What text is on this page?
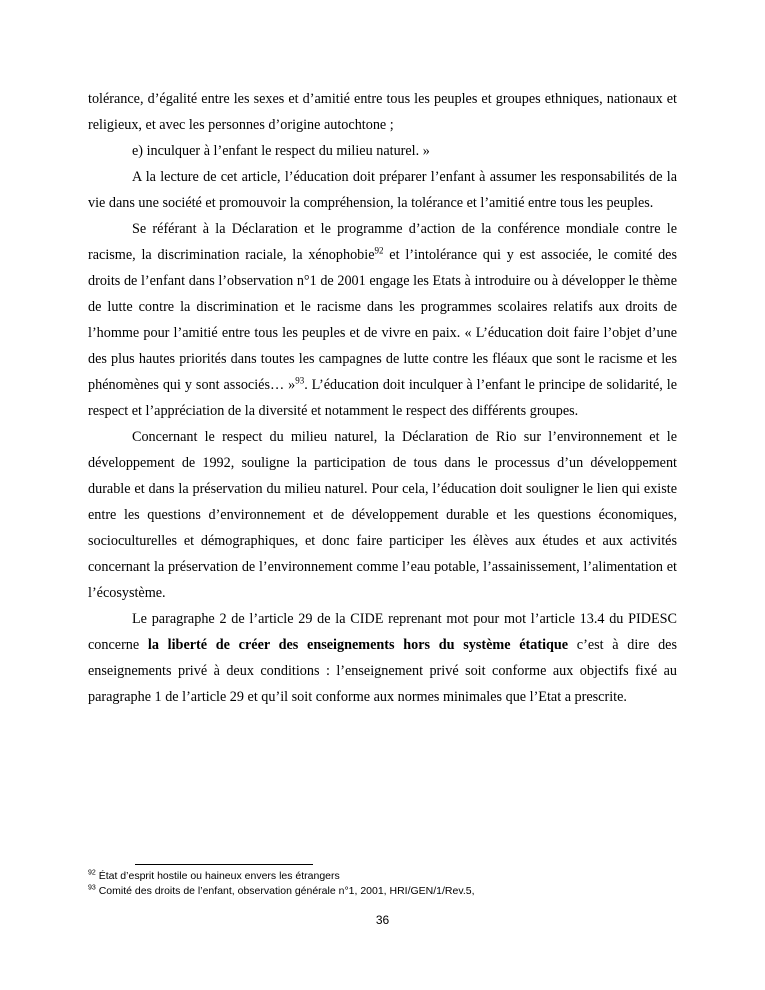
tolérance, d’égalité entre les sexes et d’amitié entre tous les peuples et groupes ethniques, nationaux et religieux, et avec les personnes d’origine autochtone ;

e) inculquer à l’enfant le respect du milieu naturel. »

A la lecture de cet article, l’éducation doit préparer l’enfant à assumer les responsabilités de la vie dans une société et promouvoir la compréhension, la tolérance et l’amitié entre tous les peuples.

Se référant à la Déclaration et le programme d’action de la conférence mondiale contre le racisme, la discrimination raciale, la xénophobie$^{92}$ et l’intolérance qui y est associée, le comité des droits de l’enfant dans l’observation n°1 de 2001 engage les Etats à introduire ou à développer le thème de lutte contre la discrimination et le racisme dans les programmes scolaires relatifs aux droits de l’homme pour l’amitié entre tous les peuples et de vivre en paix. « L’éducation doit faire l’objet d’une des plus hautes priorités dans toutes les campagnes de lutte contre les fléaux que sont le racisme et les phénomènes qui y sont associés… »$^{93}$. L’éducation doit inculquer à l’enfant le principe de solidarité, le respect et l’appréciation de la diversité et notamment le respect des différents groupes.

Concernant le respect du milieu naturel, la Déclaration de Rio sur l’environnement et le développement de 1992, souligne la participation de tous dans le processus d’un développement durable et dans la préservation du milieu naturel. Pour cela, l’éducation doit souligner le lien qui existe entre les questions d’environnement et de développement durable et les questions économiques, socioculturelles et démographiques, et donc faire participer les élèves aux études et aux activités concernant la préservation de l’environnement comme l’eau potable, l’assainissement, l’alimentation et l’écosystème.

Le paragraphe 2 de l’article 29 de la CIDE reprenant mot pour mot l’article 13.4 du PIDESC concerne la liberté de créer des enseignements hors du système étatique c’est à dire des enseignements privé à deux conditions : l’enseignement privé soit conforme aux objectifs fixé au paragraphe 1 de l’article 29 et qu’il soit conforme aux normes minimales que l’Etat a prescrite.

$^{92}$ État d’esprit hostile ou haineux envers les étrangers

$^{93}$ Comité des droits de l’enfant, observation générale n°1, 2001, HRI/GEN/1/Rev.5,

36
